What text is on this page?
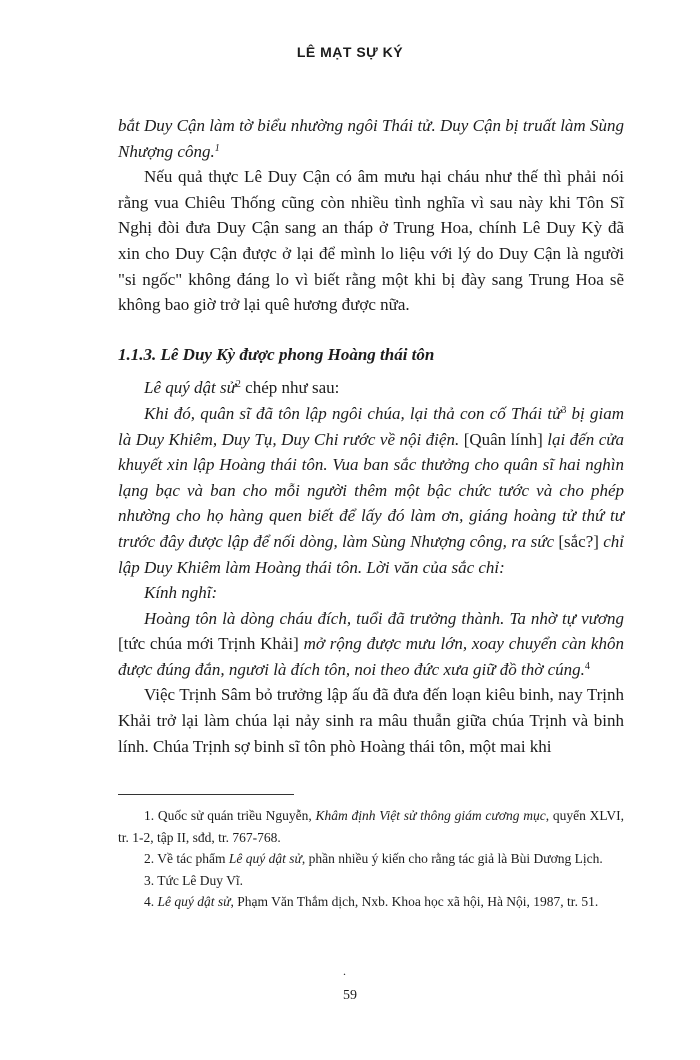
LÊ MẠT SỰ KÝ

bắt Duy Cận làm tờ biểu nhường ngôi Thái tử. Duy Cận bị truất làm Sùng Nhượng công.$^1$

Nếu quả thực Lê Duy Cận có âm mưu hại cháu như thế thì phải nói rằng vua Chiêu Thống cũng còn nhiều tình nghĩa vì sau này khi Tôn Sĩ Nghị đòi đưa Duy Cận sang an tháp ở Trung Hoa, chính Lê Duy Kỳ đã xin cho Duy Cận được ở lại để mình lo liệu với lý do Duy Cận là người "si ngốc" không đáng lo vì biết rằng một khi bị đày sang Trung Hoa sẽ không bao giờ trở lại quê hương được nữa.

1.1.3. Lê Duy Kỳ được phong Hoàng thái tôn

Lê quý dật sử$^2$ chép như sau:

Khi đó, quân sĩ đã tôn lập ngôi chúa, lại thả con cố Thái tử$^3$ bị giam là Duy Khiêm, Duy Tụ, Duy Chi rước về nội điện. [Quân lính] lại đến cửa khuyết xin lập Hoàng thái tôn. Vua ban sắc thưởng cho quân sĩ hai nghìn lạng bạc và ban cho mỗi người thêm một bậc chức tước và cho phép nhường cho họ hàng quen biết để lấy đó làm ơn, giáng hoàng tử thứ tư trước đây được lập để nối dòng, làm Sùng Nhượng công, ra sức [sắc?] chỉ lập Duy Khiêm làm Hoàng thái tôn. Lời văn của sắc chỉ:

Kính nghĩ:

Hoàng tôn là dòng cháu đích, tuổi đã trưởng thành. Ta nhờ tự vương [tức chúa mới Trịnh Khải] mở rộng được mưu lớn, xoay chuyển càn khôn được đúng đắn, ngươi là đích tôn, noi theo đức xưa giữ đồ thờ cúng.$^4$

Việc Trịnh Sâm bỏ trưởng lập ấu đã đưa đến loạn kiêu binh, nay Trịnh Khải trở lại làm chúa lại nảy sinh ra mâu thuẫn giữa chúa Trịnh và binh lính. Chúa Trịnh sợ binh sĩ tôn phò Hoàng thái tôn, một mai khi

1. Quốc sử quán triều Nguyễn, Khâm định Việt sử thông giám cương mục, quyển XLVI, tr. 1-2, tập II, sđd, tr. 767-768.

2. Về tác phẩm Lê quý dật sử, phần nhiều ý kiến cho rằng tác giả là Bùi Dương Lịch.

3. Tức Lê Duy Vĩ.

4. Lê quý dật sử, Phạm Văn Thắm dịch, Nxb. Khoa học xã hội, Hà Nội, 1987, tr. 51.

.
59
